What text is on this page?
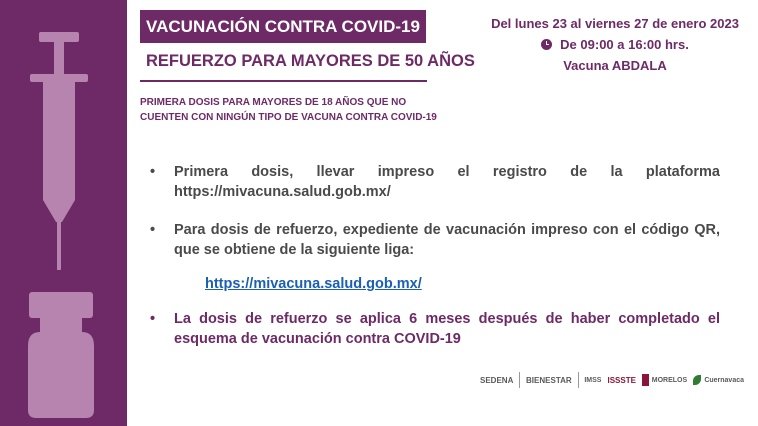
VACUNACIÓN CONTRA COVID-19
REFUERZO PARA MAYORES DE 50 AÑOS
PRIMERA DOSIS PARA MAYORES DE 18 AÑOS QUE NO CUENTEN CON NINGÚN TIPO DE VACUNA CONTRA COVID-19
Del lunes 23 al viernes 27 de enero 2023
De 09:00 a 16:00 hrs.
Vacuna ABDALA
•	Primera dosis, llevar impreso el registro de la plataforma https://mivacuna.salud.gob.mx/
•	Para dosis de refuerzo, expediente de vacunación impreso con el código QR, que se obtiene de la siguiente liga:
https://mivacuna.salud.gob.mx/
•	La dosis de refuerzo se aplica 6 meses después de haber completado el esquema de vacunación contra COVID-19
SEDENA BIENESTAR IMSS ISSSTE MORELOS Cuernavaca
